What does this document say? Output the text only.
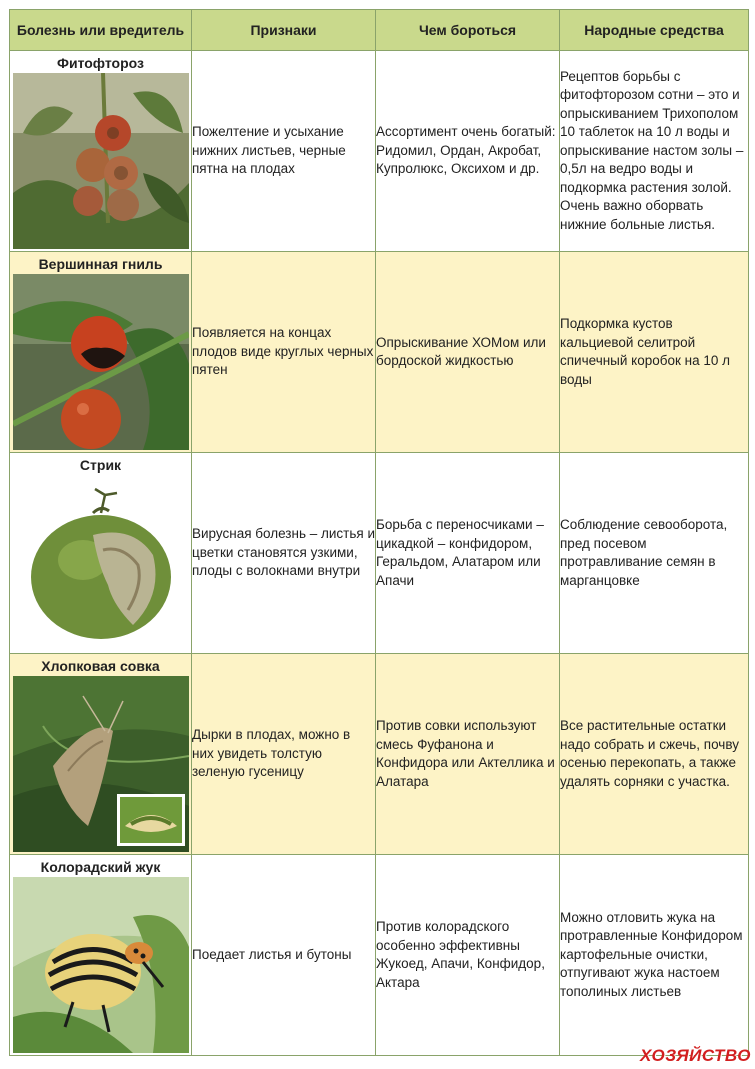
Болезнь или вредитель	Признаки	Чем бороться	Народные средства

Фитофтороз	Пожелтение и усыхание нижних листьев, черные пятна на плодах	Ассортимент очень богатый: Ридомил, Ордан, Акробат, Купролюкс, Оксихом и др.	Рецептов борьбы с фитофторозом сотни – это и опрыскиванием Трихополом 10 таблеток на 10 л воды и опрыскивание настом золы – 0,5л на ведро воды и подкормка растения золой. Очень важно оборвать нижние больные листья.

Вершинная гниль	Появляется на концах плодов виде круглых черных пятен	Опрыскивание ХОМом или бордоской жидкостью	Подкормка кустов кальциевой селитрой спичечный коробок на 10 л воды

Стрик	Вирусная болезнь – листья и цветки становятся узкими, плоды с волокнами внутри	Борьба с переносчиками – цикадкой – конфидором, Геральдом, Алатаром или Апачи	Соблюдение севооборота, пред посевом протравливание семян в марганцовке

Хлопковая совка	Дырки в плодах, можно в них увидеть толстую зеленую гусеницу	Против совки используют смесь Фуфанона и Конфидора или Актеллика и Алатара	Все растительные остатки надо собрать и сжечь, почву осенью перекопать, а также удалять сорняки с участка.

Колорадский жук	Поедает листья и бутоны	Против колорадского особенно эффективны Жукоед, Апачи, Конфидор, Актара	Можно отловить жука на протравленные Конфидором картофельные очистки, отпугивают жука настоем тополиных листьев
ХОЗЯЙСТВО
